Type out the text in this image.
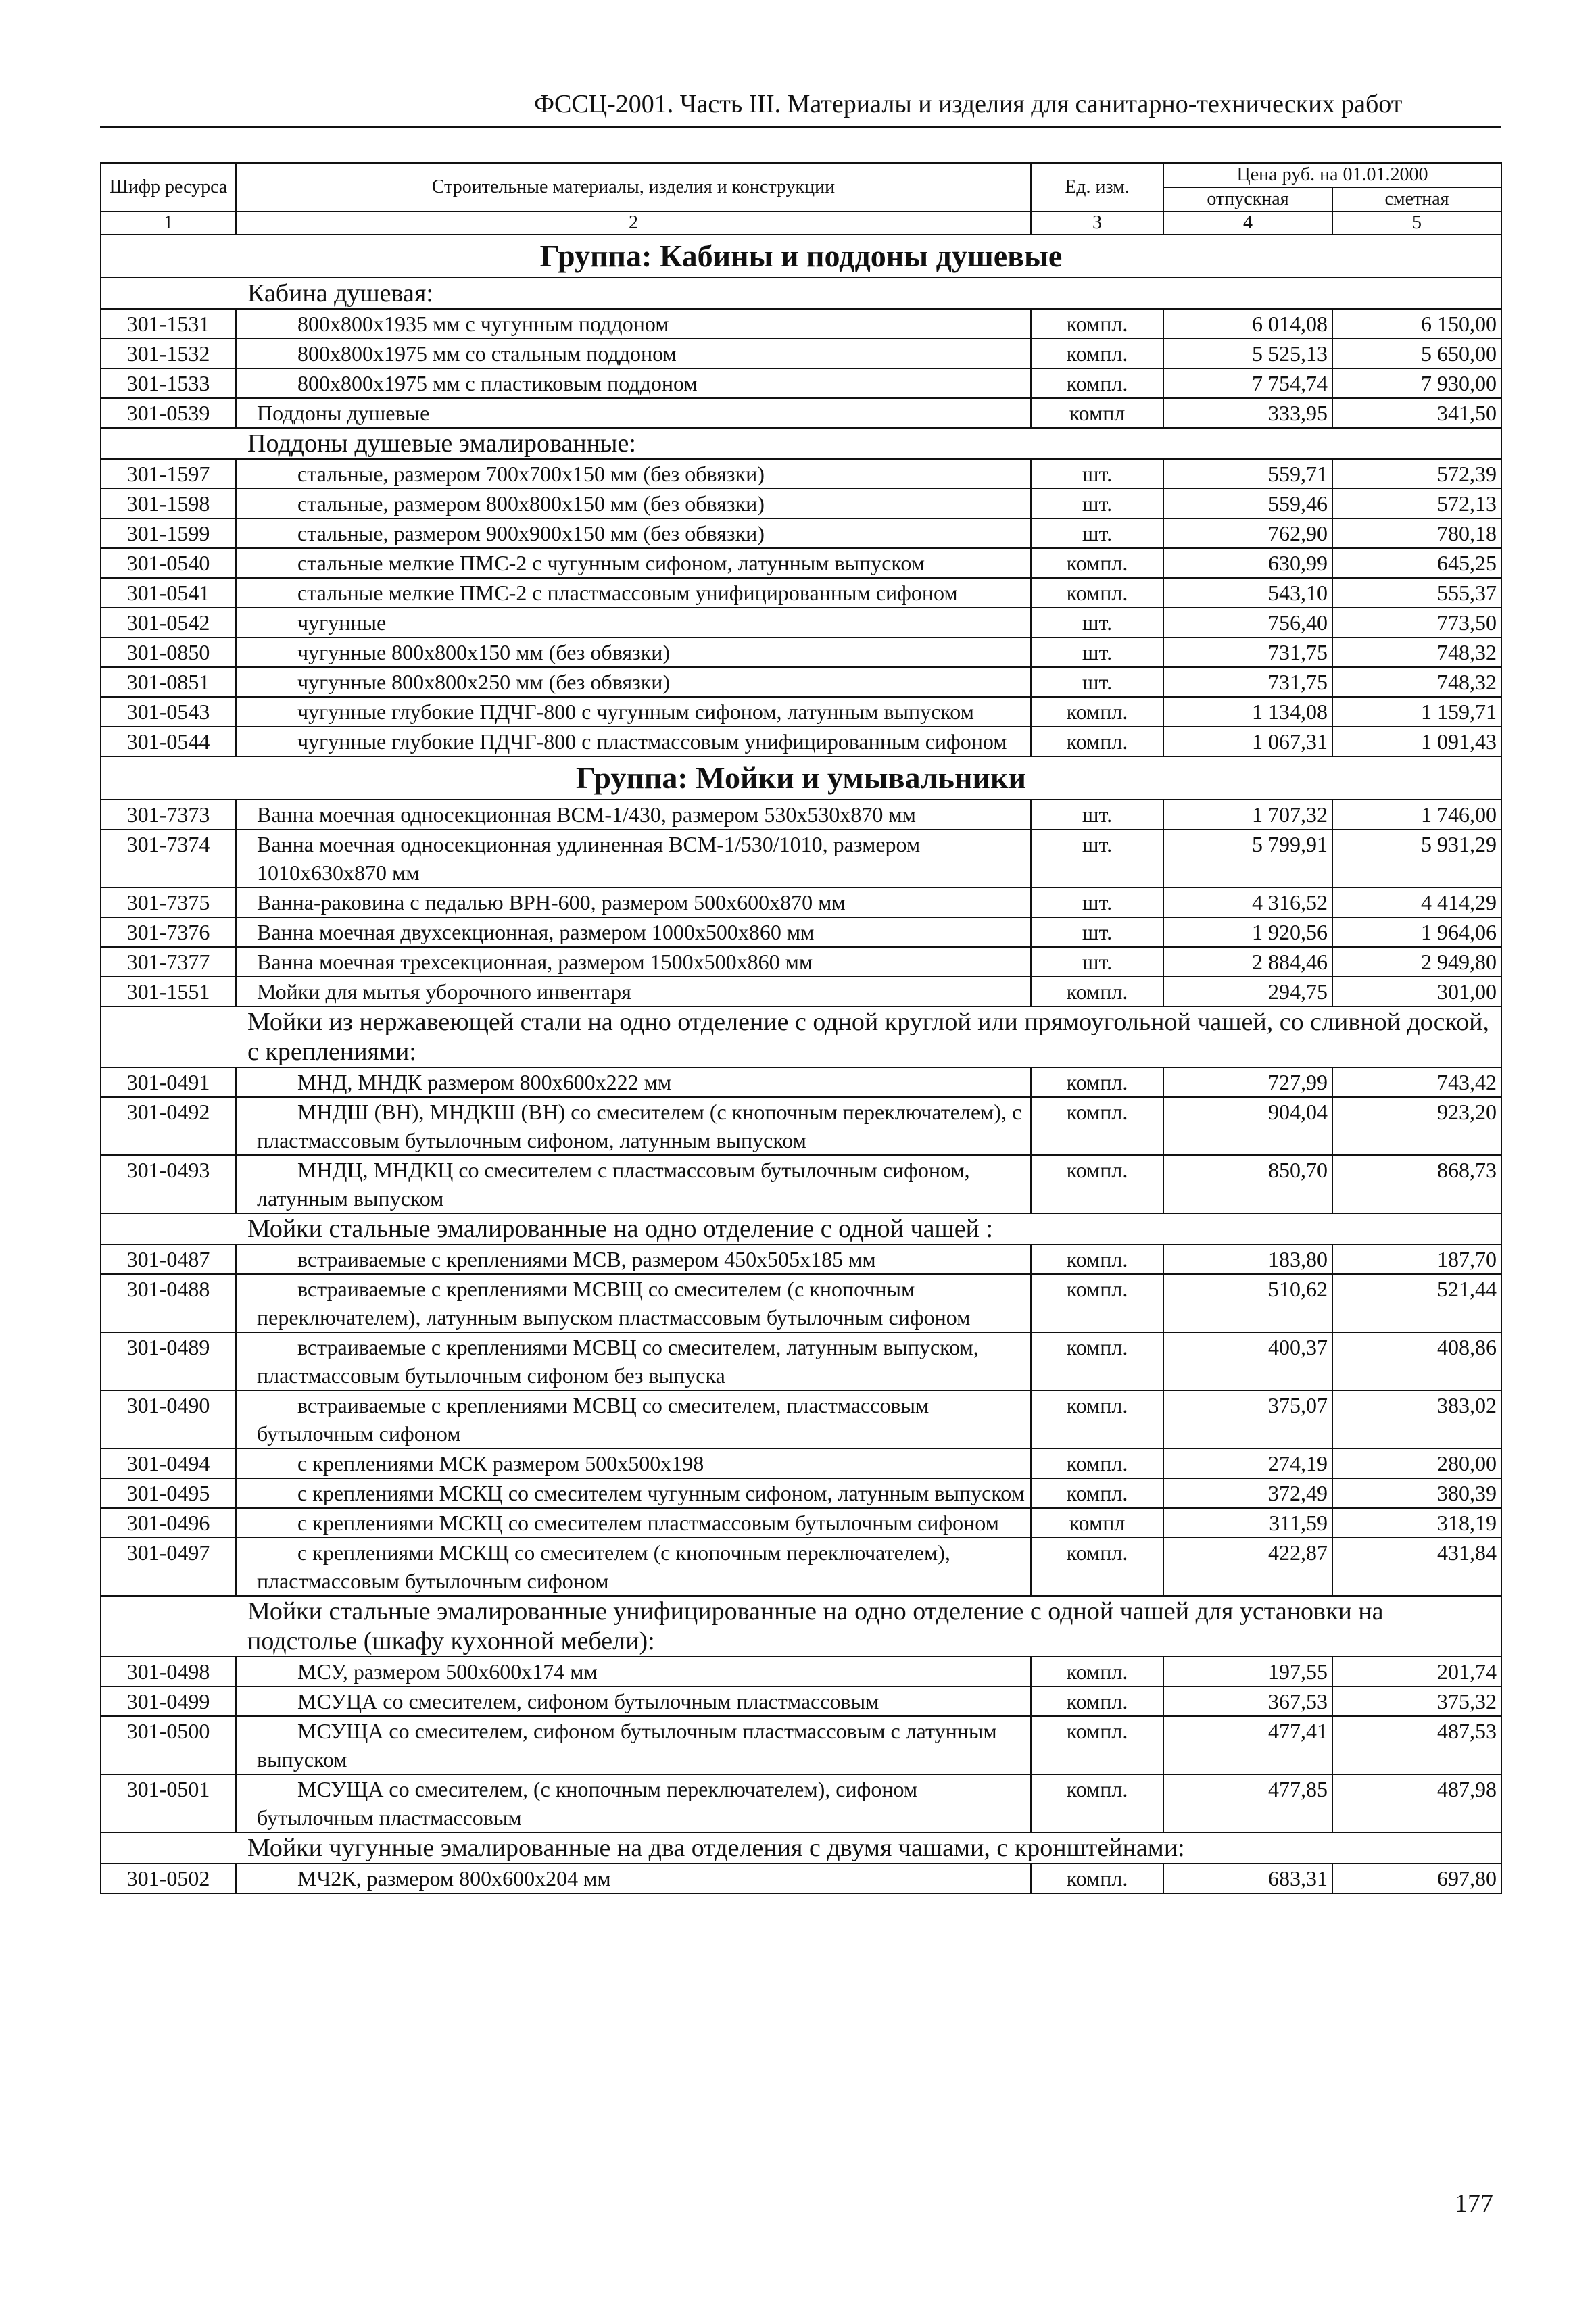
ФССЦ-2001. Часть III. Материалы и изделия для санитарно-технических работ
Шифр ресурса	Строительные материалы, изделия и конструкции	Ед. изм.	Цена руб. на 01.01.2000	
			отпускная	сметная
1	2	3	4	5
Группа: Кабины и поддоны душевые				
Кабина душевая:				
301-1531	800x800x1935 мм с чугунным поддоном	компл.	6 014,08	6 150,00
301-1532	800x800x1975 мм со стальным поддоном	компл.	5 525,13	5 650,00
301-1533	800x800x1975 мм с пластиковым поддоном	компл.	7 754,74	7 930,00
301-0539	Поддоны душевые	компл	333,95	341,50
Поддоны душевые эмалированные:				
301-1597	стальные, размером 700х700х150 мм (без обвязки)	шт.	559,71	572,39
301-1598	стальные, размером 800х800х150 мм (без обвязки)	шт.	559,46	572,13
301-1599	стальные, размером 900х900х150 мм (без обвязки)	шт.	762,90	780,18
301-0540	стальные мелкие ПМС-2 с чугунным сифоном, латунным выпуском	компл.	630,99	645,25
301-0541	стальные мелкие ПМС-2 с пластмассовым унифицированным сифоном	компл.	543,10	555,37
301-0542	чугунные	шт.	756,40	773,50
301-0850	чугунные 800х800х150 мм (без обвязки)	шт.	731,75	748,32
301-0851	чугунные 800х800х250 мм (без обвязки)	шт.	731,75	748,32
301-0543	чугунные глубокие ПДЧГ-800 с чугунным сифоном, латунным выпуском	компл.	1 134,08	1 159,71
301-0544	чугунные глубокие ПДЧГ-800 с пластмассовым унифицированным сифоном	компл.	1 067,31	1 091,43
Группа: Мойки и умывальники				
301-7373	Ванна моечная односекционная ВСМ-1/430, размером 530х530х870 мм	шт.	1 707,32	1 746,00
301-7374	Ванна моечная односекционная удлиненная ВСМ-1/530/1010, размером 1010х630х870 мм	шт.	5 799,91	5 931,29
301-7375	Ванна-раковина с педалью ВРН-600, размером 500х600х870 мм	шт.	4 316,52	4 414,29
301-7376	Ванна моечная двухсекционная, размером 1000х500х860 мм	шт.	1 920,56	1 964,06
301-7377	Ванна моечная трехсекционная, размером 1500х500х860 мм	шт.	2 884,46	2 949,80
301-1551	Мойки для мытья уборочного инвентаря	компл.	294,75	301,00
Мойки из нержавеющей стали на одно отделение с одной круглой или прямоугольной чашей, со сливной доской, с креплениями:				
301-0491	МНД, МНДК размером 800х600х222 мм	компл.	727,99	743,42
301-0492	МНДШ (ВН), МНДКШ (ВН) со смесителем (с кнопочным переключателем), с пластмассовым бутылочным сифоном, латунным выпуском	компл.	904,04	923,20
301-0493	МНДЦ, МНДКЦ со смесителем с пластмассовым бутылочным сифоном, латунным выпуском	компл.	850,70	868,73
Мойки стальные эмалированные на одно отделение с одной чашей :				
301-0487	встраиваемые с креплениями МСВ, размером 450х505х185 мм	компл.	183,80	187,70
301-0488	встраиваемые с креплениями МСВЩ со смесителем (с кнопочным переключателем), латунным выпуском пластмассовым бутылочным сифоном	компл.	510,62	521,44
301-0489	встраиваемые с креплениями МСВЦ со смесителем, латунным выпуском, пластмассовым бутылочным сифоном без выпуска	компл.	400,37	408,86
301-0490	встраиваемые с креплениями МСВЦ со смесителем, пластмассовым бутылочным сифоном	компл.	375,07	383,02
301-0494	с креплениями МСК размером 500х500х198	компл.	274,19	280,00
301-0495	с креплениями МСКЦ со смесителем чугунным сифоном, латунным выпуском	компл.	372,49	380,39
301-0496	с креплениями МСКЦ со смесителем пластмассовым бутылочным сифоном	компл	311,59	318,19
301-0497	с креплениями МСКЩ со смесителем (с кнопочным переключателем), пластмассовым бутылочным сифоном	компл.	422,87	431,84
Мойки стальные эмалированные унифицированные на одно отделение с одной чашей для установки на подстолье (шкафу кухонной мебели):				
301-0498	МСУ, размером 500х600х174 мм	компл.	197,55	201,74
301-0499	МСУЦА со смесителем, сифоном бутылочным пластмассовым	компл.	367,53	375,32
301-0500	МСУЩА со смесителем, сифоном бутылочным пластмассовым с латунным выпуском	компл.	477,41	487,53
301-0501	МСУЩА со смесителем, (с кнопочным переключателем), сифоном бутылочным пластмассовым	компл.	477,85	487,98
Мойки чугунные эмалированные на два отделения с двумя чашами, с кронштейнами:				
301-0502	МЧ2К, размером 800х600х204 мм	компл.	683,31	697,80
177
